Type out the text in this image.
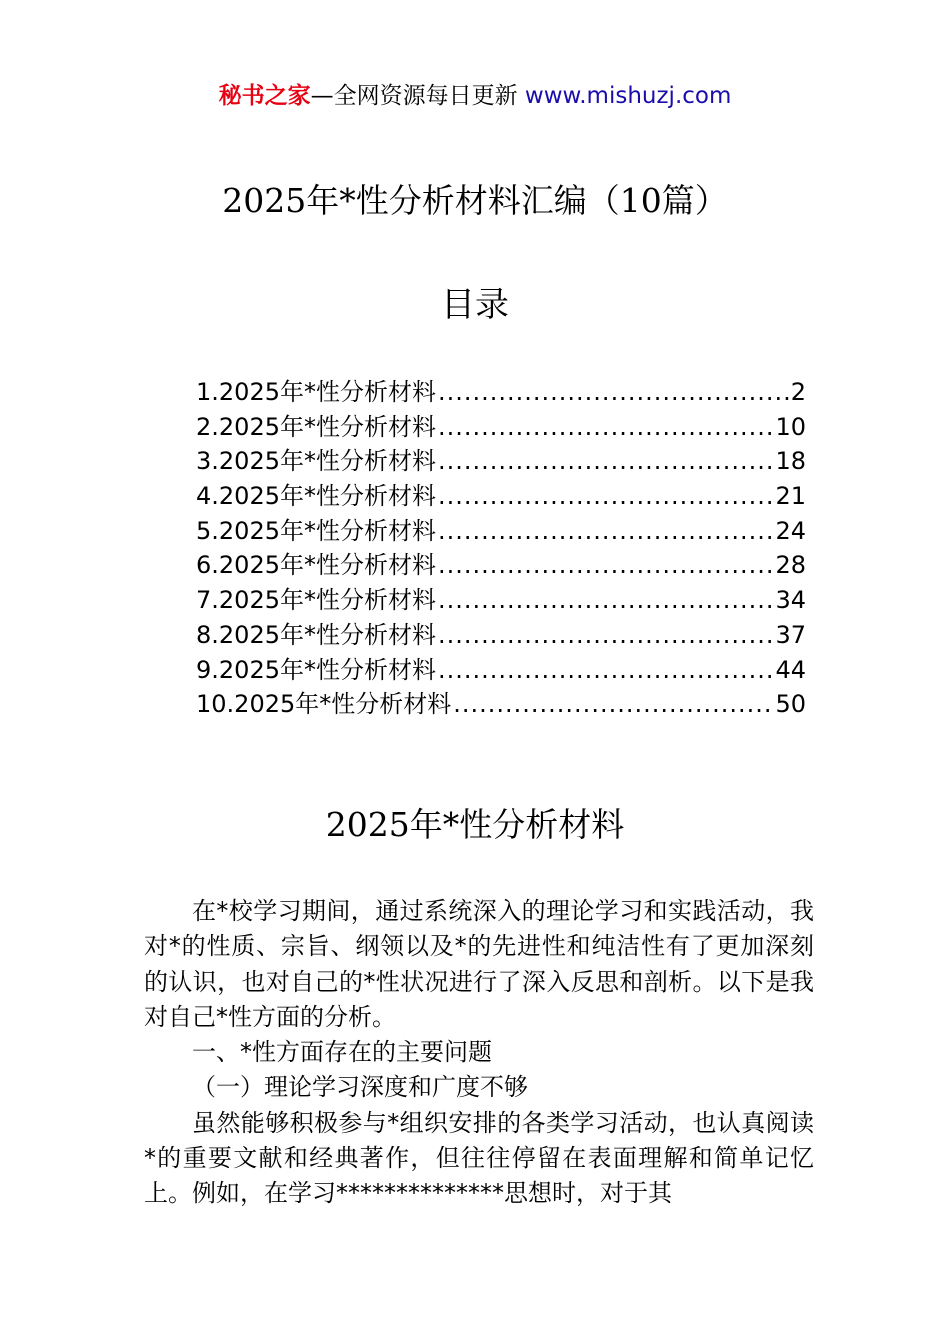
秘书之家—全网资源每日更新 www.mishuzj.com
2025年*性分析材料汇编（10篇）
目录
1.2025年*性分析材料 .....	2
2.2025年*性分析材料 .....	10
3.2025年*性分析材料 .....	18
4.2025年*性分析材料 .....	21
5.2025年*性分析材料 .....	24
6.2025年*性分析材料 .....	28
7.2025年*性分析材料 .....	34
8.2025年*性分析材料 .....	37
9.2025年*性分析材料 .....	44
10.2025年*性分析材料 .....	50
2025年*性分析材料

在*校学习期间，通过系统深入的理论学习和实践活动，我对*的性质、宗旨、纲领以及*的先进性和纯洁性有了更加深刻的认识，也对自己的*性状况进行了深入反思和剖析。以下是我对自己*性方面的分析。

一、*性方面存在的主要问题

（一）理论学习深度和广度不够

虽然能够积极参与*组织安排的各类学习活动，也认真阅读*的重要文献和经典著作，但往往停留在表面理解和简单记忆上。例如，在学习**************思想时，对于其
